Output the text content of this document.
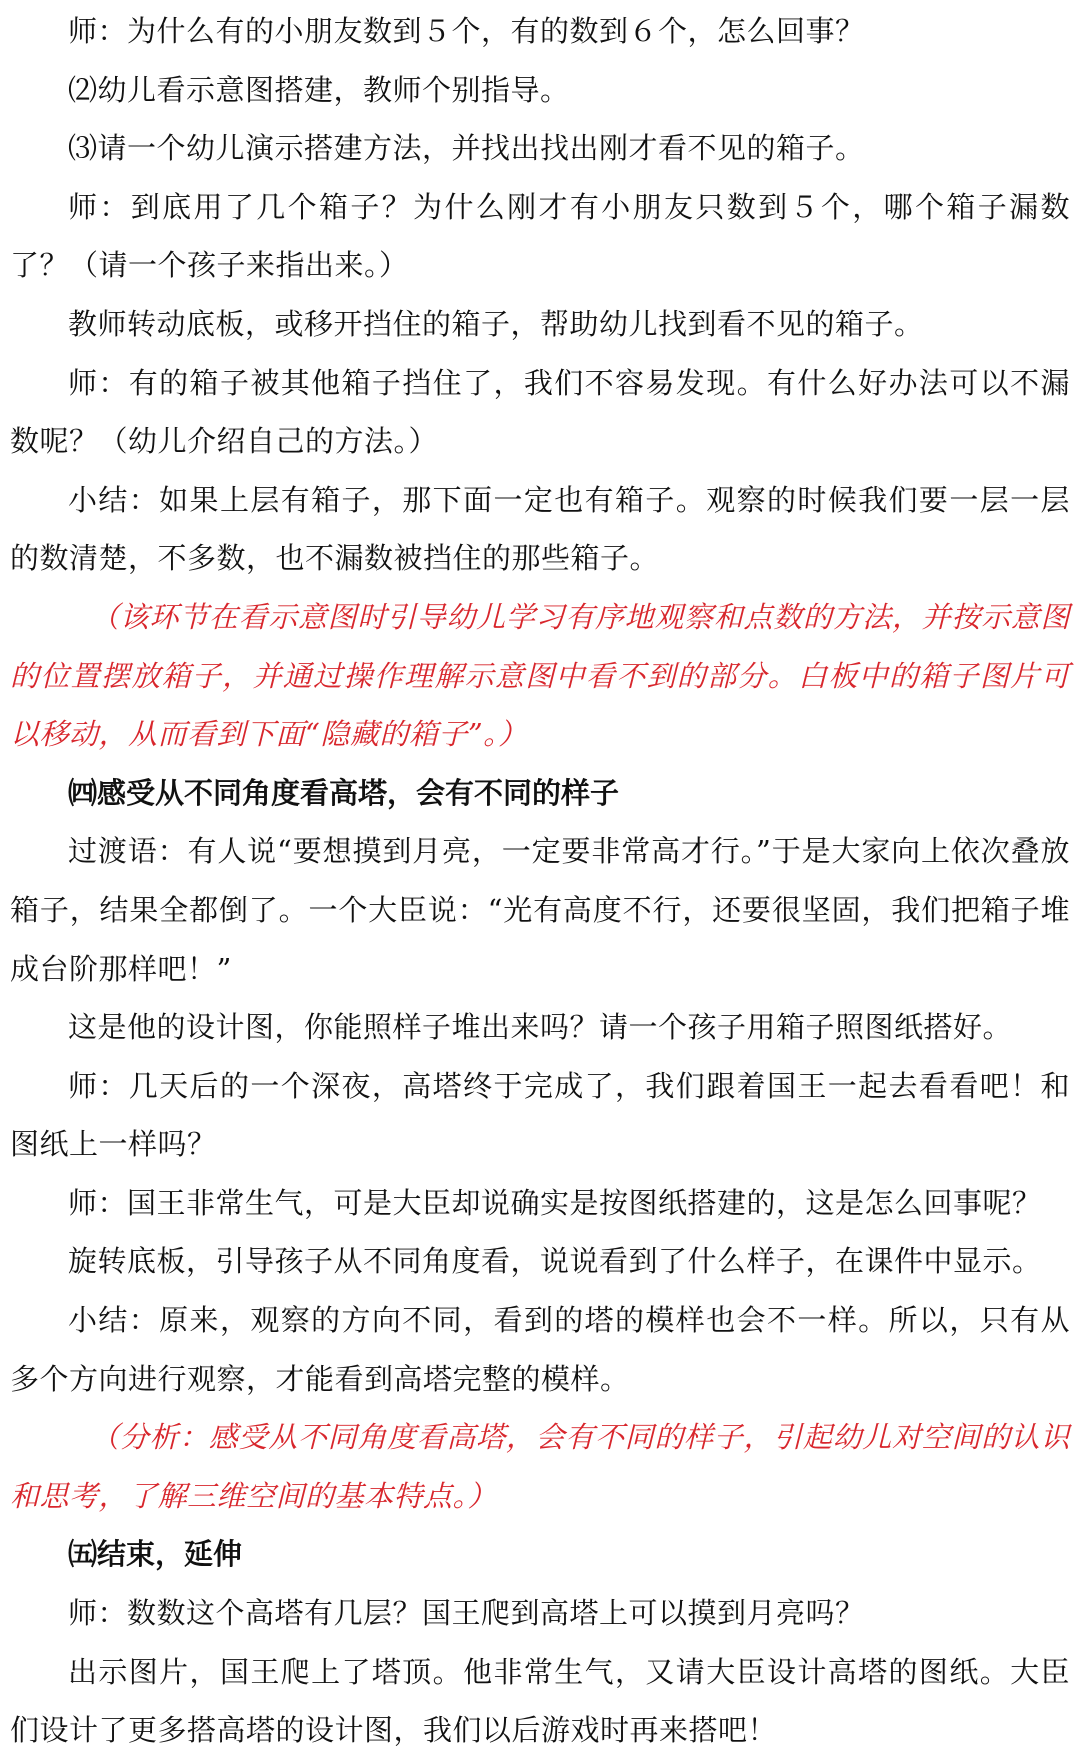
师：为什么有的小朋友数到５个，有的数到６个，怎么回事？

⑵幼儿看示意图搭建，教师个别指导。

⑶请一个幼儿演示搭建方法，并找出找出刚才看不见的箱子。

师：到底用了几个箱子？为什么刚才有小朋友只数到５个，哪个箱子漏数了？（请一个孩子来指出来。）

教师转动底板，或移开挡住的箱子，帮助幼儿找到看不见的箱子。

师：有的箱子被其他箱子挡住了，我们不容易发现。有什么好办法可以不漏数呢？（幼儿介绍自己的方法。）

小结：如果上层有箱子，那下面一定也有箱子。观察的时候我们要一层一层的数清楚，不多数，也不漏数被挡住的那些箱子。

（该环节在看示意图时引导幼儿学习有序地观察和点数的方法，并按示意图的位置摆放箱子，并通过操作理解示意图中看不到的部分。白板中的箱子图片可以移动，从而看到下面“隐藏的箱子”。）

㈣感受从不同角度看高塔，会有不同的样子

过渡语：有人说“要想摸到月亮，一定要非常高才行。”于是大家向上依次叠放箱子，结果全都倒了。一个大臣说：“光有高度不行，还要很坚固，我们把箱子堆成台阶那样吧！”

这是他的设计图，你能照样子堆出来吗？请一个孩子用箱子照图纸搭好。

师：几天后的一个深夜，高塔终于完成了，我们跟着国王一起去看看吧！和图纸上一样吗？

师：国王非常生气，可是大臣却说确实是按图纸搭建的，这是怎么回事呢？

旋转底板，引导孩子从不同角度看，说说看到了什么样子，在课件中显示。

小结：原来，观察的方向不同，看到的塔的模样也会不一样。所以，只有从多个方向进行观察，才能看到高塔完整的模样。

（分析：感受从不同角度看高塔，会有不同的样子，引起幼儿对空间的认识和思考，了解三维空间的基本特点。）

㈤结束，延伸

师：数数这个高塔有几层？国王爬到高塔上可以摸到月亮吗？

出示图片，国王爬上了塔顶。他非常生气，又请大臣设计高塔的图纸。大臣们设计了更多搭高塔的设计图，我们以后游戏时再来搭吧！
